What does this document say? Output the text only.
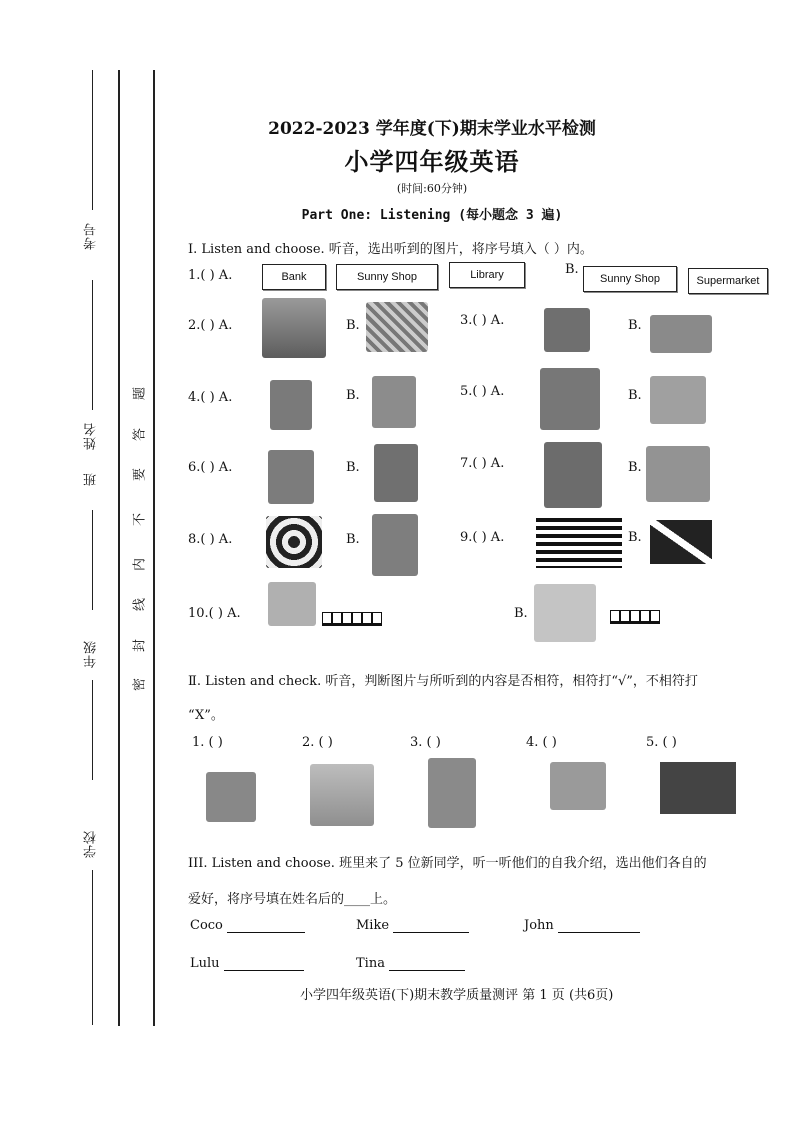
考号
姓名
班
年级
学校
密
封
线
内
不
要
答
题
2022-2023 学年度(下)期末学业水平检测
小学四年级英语
(时间:60分钟)
Part One: Listening (每小题念 3 遍)
I. Listen and choose. 听音，选出听到的图片，将序号填入（ ）内。
1.( ) A.	Bank	Sunny Shop	Library	B.
Sunny Shop	Supermarket
2.( ) A.	B.	3.( ) A.	B.
4.( ) A.	B.	5.( ) A.	B.
6.( ) A.	B.	7.( ) A.	B.
8.( ) A.	B.	9.( ) A.	B.
10.( ) A.	B.
Ⅱ. Listen and check. 听音，判断图片与所听到的内容是否相符，相符打“√”，不相符打
“X”。
1. ( )	2. ( )	3. ( )	4. ( )	5. ( )
III. Listen and choose. 班里来了 5 位新同学，听一听他们的自我介绍，选出他们各自的
爱好，将序号填在姓名后的____上。
Coco	Mike	John
Lulu	Tina
小学四年级英语(下)期末教学质量测评 第 1 页 (共6页)
